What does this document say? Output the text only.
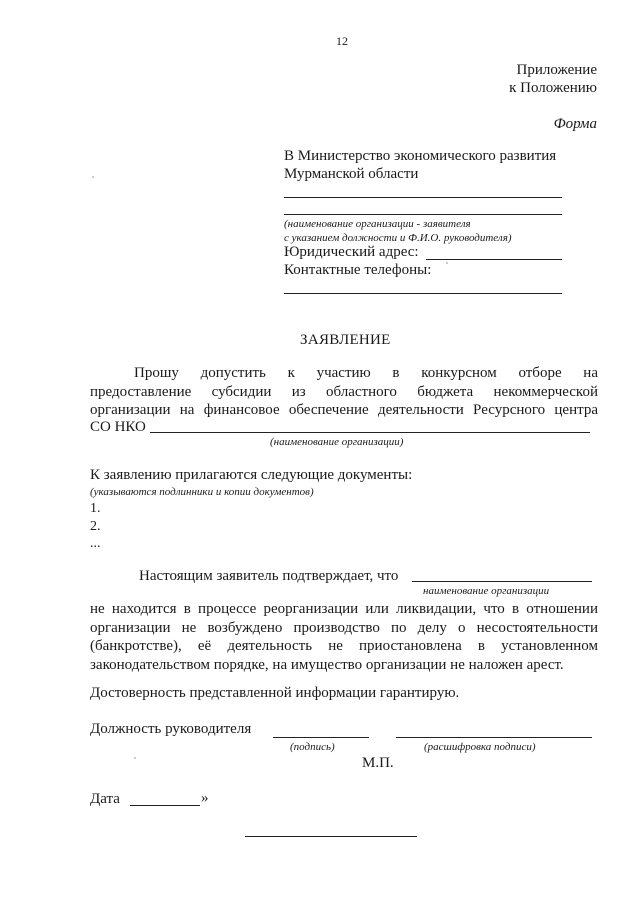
12
Приложение
к Положению
Форма
В Министерство экономического развития
Мурманской области
(наименование организации - заявителя
с указанием должности и Ф.И.О. руководителя)
Юридический адрес:
Контактные телефоны:
ЗАЯВЛЕНИЕ
Прошу допустить к участию в конкурсном отборе на
предоставление субсидии из областного бюджета некоммерческой
организации на финансовое обеспечение деятельности Ресурсного центра
СО НКО
(наименование организации)
К заявлению прилагаются следующие документы:
(указываются подлинники и копии документов)
1.
2.
...
Настоящим заявитель подтверждает, что
наименование организации
не находится в процессе реорганизации или ликвидации, что в отношении
организации не возбуждено производство по делу о несостоятельности
(банкротстве), её деятельность не приостановлена в установленном
законодательством порядке, на имущество организации не наложен арест.
Достоверность представленной информации гарантирую.
Должность руководителя
(подпись)	(расшифровка подписи)
М.П.
Дата	»
